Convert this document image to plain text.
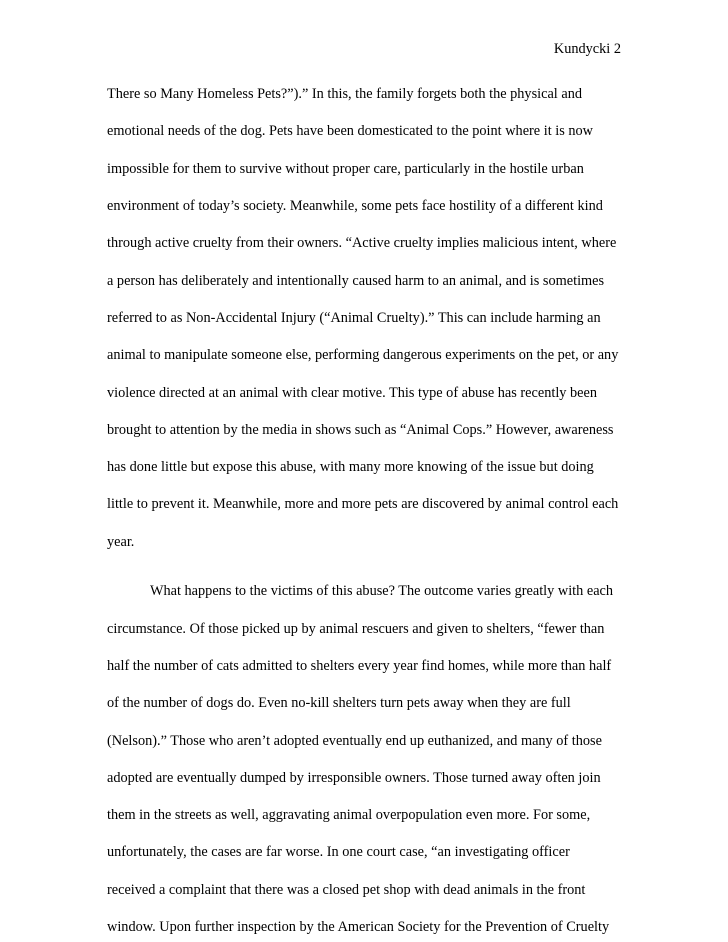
Kundycki 2
There so Many Homeless Pets?”).” In this, the family forgets both the physical and
emotional needs of the dog. Pets have been domesticated to the point where it is now
impossible for them to survive without proper care, particularly in the hostile urban
environment of today’s society. Meanwhile, some pets face hostility of a different kind
through active cruelty from their owners. “Active cruelty implies malicious intent, where
a person has deliberately and intentionally caused harm to an animal, and is sometimes
referred to as Non-Accidental Injury (“Animal Cruelty).” This can include harming an
animal to manipulate someone else, performing dangerous experiments on the pet, or any
violence directed at an animal with clear motive. This type of abuse has recently been
brought to attention by the media in shows such as “Animal Cops.” However, awareness
has done little but expose this abuse, with many more knowing of the issue but doing
little to prevent it. Meanwhile, more and more pets are discovered by animal control each
year.
What happens to the victims of this abuse? The outcome varies greatly with each
circumstance. Of those picked up by animal rescuers and given to shelters, “fewer than
half the number of cats admitted to shelters every year find homes, while more than half
of the number of dogs do. Even no-kill shelters turn pets away when they are full
(Nelson).” Those who aren’t adopted eventually end up euthanized, and many of those
adopted are eventually dumped by irresponsible owners. Those turned away often join
them in the streets as well, aggravating animal overpopulation even more. For some,
unfortunately, the cases are far worse. In one court case, “an investigating officer
received a complaint that there was a closed pet shop with dead animals in the front
window. Upon further inspection by the American Society for the Prevention of Cruelty
